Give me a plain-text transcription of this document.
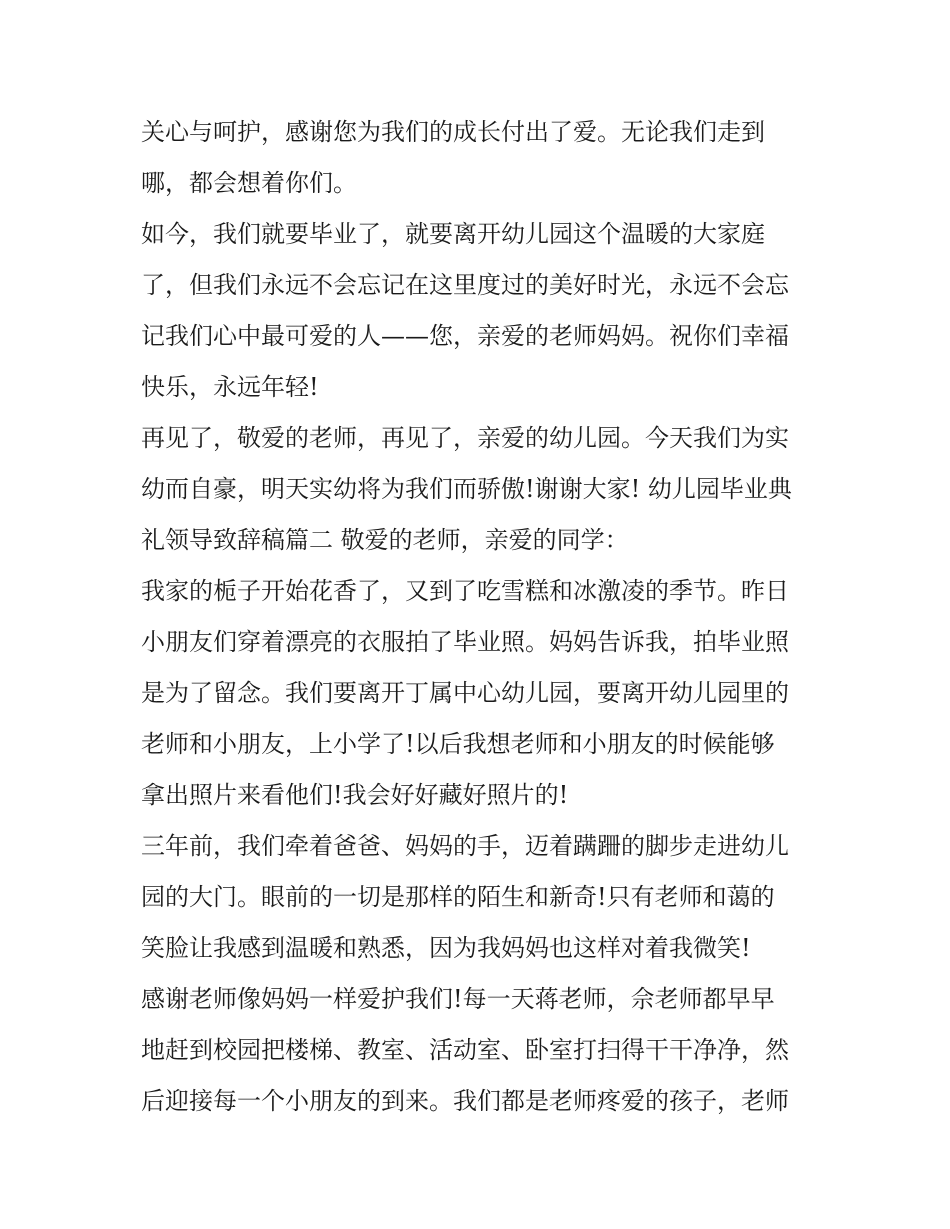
关心与呵护，感谢您为我们的成长付出了爱。无论我们走到
哪，都会想着你们。
如今，我们就要毕业了，就要离开幼儿园这个温暖的大家庭
了，但我们永远不会忘记在这里度过的美好时光，永远不会忘
记我们心中最可爱的人——您，亲爱的老师妈妈。祝你们幸福
快乐，永远年轻!
再见了，敬爱的老师，再见了，亲爱的幼儿园。今天我们为实
幼而自豪，明天实幼将为我们而骄傲!谢谢大家! 幼儿园毕业典
礼领导致辞稿篇二 敬爱的老师，亲爱的同学：
我家的栀子开始花香了，又到了吃雪糕和冰激凌的季节。昨日
小朋友们穿着漂亮的衣服拍了毕业照。妈妈告诉我，拍毕业照
是为了留念。我们要离开丁属中心幼儿园，要离开幼儿园里的
老师和小朋友，上小学了!以后我想老师和小朋友的时候能够
拿出照片来看他们!我会好好藏好照片的!
三年前，我们牵着爸爸、妈妈的手，迈着蹒跚的脚步走进幼儿
园的大门。眼前的一切是那样的陌生和新奇!只有老师和蔼的
笑脸让我感到温暖和熟悉，因为我妈妈也这样对着我微笑!
感谢老师像妈妈一样爱护我们!每一天蒋老师，佘老师都早早
地赶到校园把楼梯、教室、活动室、卧室打扫得干干净净，然
后迎接每一个小朋友的到来。我们都是老师疼爱的孩子，老师
